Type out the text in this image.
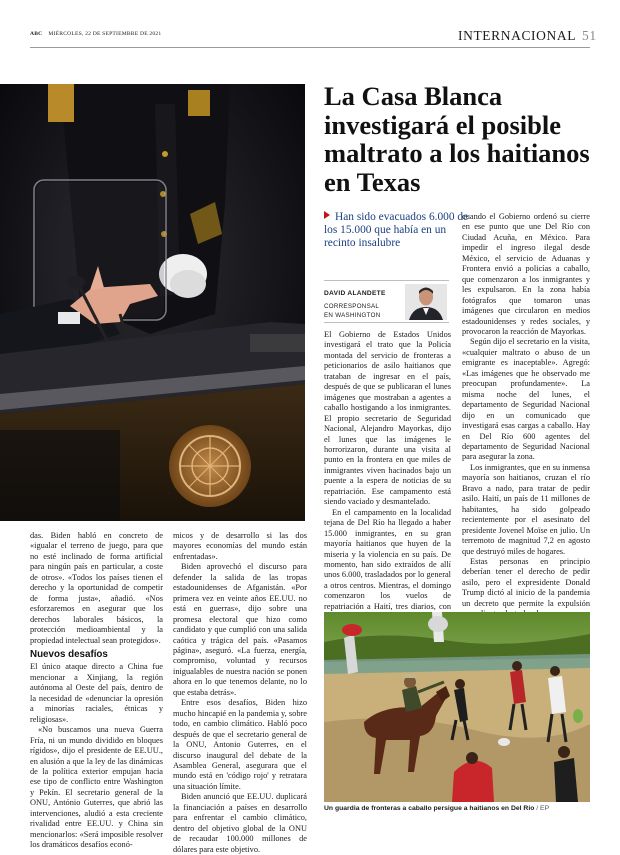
ABC MIÉRCOLES, 22 DE SEPTIEMBRE DE 2021	INTERNACIONAL 51
La Casa Blanca investigará el posible maltrato a los haitianos en Texas
Han sido evacuados 6.000 de los 15.000 que había en un recinto insalubre
DAVID ALANDETE
CORRESPONSAL
EN WASHINGTON

El Gobierno de Estados Unidos investigará el trato que la Policía montada del servicio de fronteras a peticionarios de asilo haitianos que trataban de ingresar en el país, después de que se publicaran el lunes imágenes que mostraban a agentes a caballo hostigando a los inmigrantes. El propio secretario de Seguridad Nacional, Alejandro Mayorkas, dijo el lunes que las imágenes le horrorizaron, durante una visita al punto en la frontera en que miles de inmigrantes viven hacinados bajo un puente a la espera de noticias de su repatriación. Ese campamento está siendo vaciado y desmantelado.

En el campamento en la localidad tejana de Del Río ha llegado a haber 15.000 inmigrantes, en su gran mayoría haitianos que huyen de la miseria y la violencia en su país. De momento, han sido extraídos de allí unos 6.000, trasladados por lo general a otros centros. Mientras, el domingo comenzaron los vuelos de repatriación a Haití, tres diarios, con

cuando el Gobierno ordenó su cierre en ese punto que une Del Río con Ciudad Acuña, en México. Para impedir el ingreso ilegal desde México, el servicio de Aduanas y Frontera envió a policías a caballo, que comenzaron a los inmigrantes y les expulsaron. En la zona había fotógrafos que tomaron unas imágenes que circularon en medios estadounidenses y redes sociales, y provocaron la reacción de Mayorkas.

Según dijo el secretario en la visita, «cualquier maltrato o abuso de un emigrante es inaceptable». Agregó: «Las imágenes que he observado me preocupan profundamente». La misma noche del lunes, el departamento de Seguridad Nacional dijo en un comunicado que investigará esas cargas a caballo. Hay en Del Río 600 agentes del departamento de Seguridad Nacional para asegurar la zona.

Los inmigrantes, que en su inmensa mayoría son haitianos, cruzan el río Bravo a nado, para tratar de pedir asilo. Haití, un país de 11 millones de habitantes, ha sido golpeado recientemente por el asesinato del presidente Jovenel Moïse en julio. Un terremoto de magnitud 7,2 en agosto que destruyó miles de hogares.

Estas personas en principio deberían tener el derecho de pedir asilo, pero el expresidente Donald Trump dictó al inicio de la pandemia un decreto que permite la expulsión

das. Biden habló en concreto de «igualar el terreno de juego, para que no esté inclinado de forma artificial para ningún país en particular, a coste de otros». «Todos los países tienen el derecho y la oportunidad de competir de forma justa», añadió. «Nos esforzaremos en asegurar que los derechos laborales básicos, la protección medioambiental y la propiedad intelectual sean protegidos».

Nuevos desafíos

El único ataque directo a China fue mencionar a Xinjiang, la región autónoma al Oeste del país, dentro de la necesidad de «denunciar la opresión a minorías raciales, étnicas y religiosas».

«No buscamos una nueva Guerra Fría, ni un mundo dividido en bloques rígidos», dijo el presidente de EE.UU., en alusión a que la ley de las dinámicas de la política exterior empujan hacia ese tipo de conflicto entre Washington y Pekín. El secretario general de la ONU, António Guterres, que abrió las intervenciones, aludió a esta creciente rivalidad entre EE.UU. y China sin mencionarlos: «Será imposible resolver los dramáticos desafíos econó-

micos y de desarrollo si las dos mayores economías del mundo están enfrentadas».

Biden aprovechó el discurso para defender la salida de las tropas estadounidenses de Afganistán. «Por primera vez en veinte años EE.UU. no está en guerras», dijo sobre una promesa electoral que hizo como candidato y que cumplió con una salida caótica y trágica del país. «Pasamos página», aseguró. «La fuerza, energía, compromiso, voluntad y recursos inigualables de nuestra nación se ponen ahora en lo que tenemos delante, no lo que estaba detrás».

Entre esos desafíos, Biden hizo mucho hincapié en la pandemia y, sobre todo, en cambio climático. Habló poco después de que el secretario general de la ONU, Antonio Guterres, en el discurso inaugural del debate de la Asamblea General, asegurara que el mundo está en 'código rojo' y retratara una situación límite.

Biden anunció que EE.UU. duplicará la financiación a países en desarrollo para enfrentar el cambio climático, dentro del objetivo global de la ONU de recaudar 100.000 millones de dólares para este objetivo.

Un guardia de fronteras a caballo persigue a haitianos en Del Río / EP
